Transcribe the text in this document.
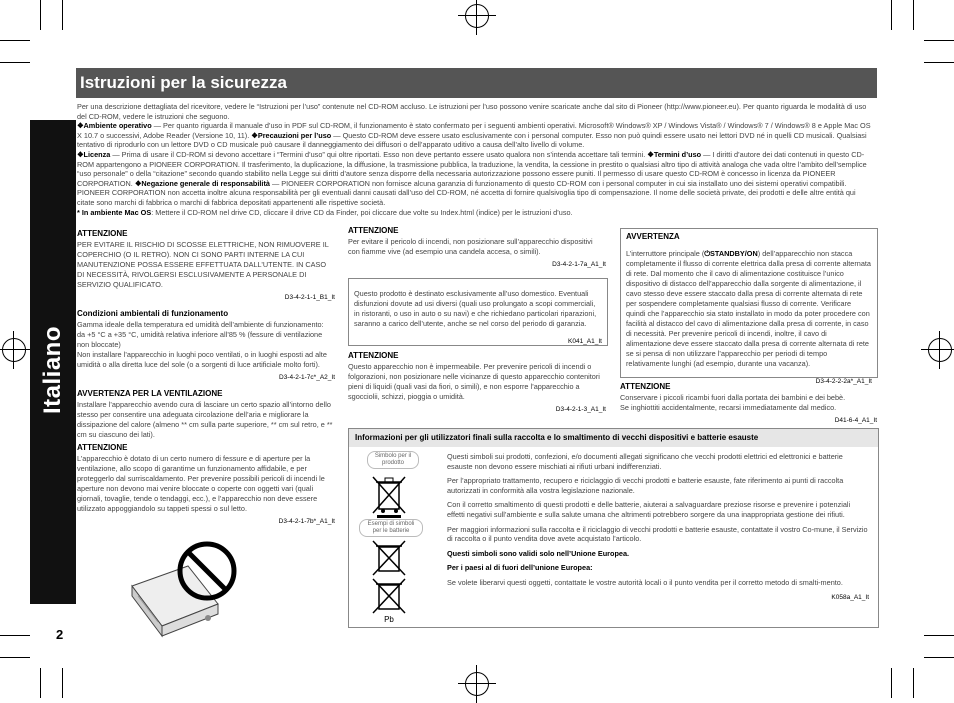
Italiano
2
Istruzioni per la sicurezza

Per una descrizione dettagliata del ricevitore, vedere le “Istruzioni per l’uso” contenute nel CD-ROM accluso. Le istruzioni per l’uso possono venire scaricate anche dal sito di Pioneer (http://www.pioneer.eu). Per quanto riguarda le modalità di uso del CD-ROM, vedere le istruzioni che seguono.

❖Ambiente operativo — Per quanto riguarda il manuale d’uso in PDF sul CD-ROM, il funzionamento è stato confermato per i seguenti ambienti operativi. Microsoft® Windows® XP / Windows Vista® / Windows® 7 / Windows® 8 e Apple Mac OS X 10.7 o successivi, Adobe Reader (Versione 10, 11). ❖Precauzioni per l’uso — Questo CD-ROM deve essere usato esclusivamente con i personal computer. Esso non può quindi essere usato nei lettori DVD né in quelli CD musicali. Qualsiasi tentativo di riprodurlo con un lettore DVD o CD musicale può causare il danneggiamento dei diffusori o dell’apparato uditivo a causa dell’alto livello di volume.

❖Licenza — Prima di usare il CD-ROM si devono accettare i “Termini d’uso” qui oltre riportati. Esso non deve pertanto essere usato qualora non s’intenda accettare tali termini. ❖Termini d’uso — I diritti d’autore dei dati contenuti in questo CD-ROM appartengono a PIONEER CORPORATION. Il trasferimento, la duplicazione, la diffusione, la trasmissione pubblica, la traduzione, la vendita, la cessione in prestito o qualsiasi altro tipo di attività analoga che vada oltre l’ambito dell’semplice “uso personale” o della “citazione” secondo quando stabilito nella Legge sui diritti d’autore senza disporre della necessaria autorizzazione possono essere puniti. Il permesso di usare questo CD-ROM è concesso in licenza da PIONEER CORPORATION. ❖Negazione generale di responsabilità — PIONEER CORPORATION non fornisce alcuna garanzia di funzionamento di questo CD-ROM con i personal computer in cui sia installato uno dei sistemi operativi compatibili. PIONEER CORPORATION non accetta inoltre alcuna responsabilità per gli eventuali danni causati dall’uso del CD-ROM, né accetta di fornire qualsivoglia tipo di compensazione. Il nome delle società private, dei prodotti e delle altre entità qui citate sono marchi di fabbrica o marchi di fabbrica depositati appartenenti alle rispettive società.

* In ambiente Mac OS: Mettere il CD-ROM nel drive CD, cliccare il drive CD da Finder, poi cliccare due volte su Index.html (indice) per le istruzioni d’uso.

ATTENZIONE

PER EVITARE IL RISCHIO DI SCOSSE ELETTRICHE, NON RIMUOVERE IL COPERCHIO (O IL RETRO). NON CI SONO PARTI INTERNE LA CUI MANUTENZIONE POSSA ESSERE EFFETTUATA DALL’UTENTE. IN CASO DI NECESSITÀ, RIVOLGERSI ESCLUSIVAMENTE A PERSONALE DI SERVIZIO QUALIFICATO.

D3-4-2-1-1_B1_It
Condizioni ambientali di funzionamento

Gamma ideale della temperatura ed umidità dell’ambiente di funzionamento:

da +5 °C a +35 °C, umidità relativa inferiore all’85 % (fessure di ventilazione non bloccate)

Non installare l’apparecchio in luoghi poco ventilati, o in luoghi esposti ad alte umidità o alla diretta luce del sole (o a sorgenti di luce artificiale molto forti).

D3-4-2-1-7c*_A2_It
AVVERTENZA PER LA VENTILAZIONE

Installare l’apparecchio avendo cura di lasciare un certo spazio all’intorno dello stesso per consentire una adeguata circolazione dell’aria e migliorare la dissipazione del calore (almeno ** cm sulla parte superiore, ** cm sul retro, e ** cm su ciascuno dei lati).

ATTENZIONE

L’apparecchio è dotato di un certo numero di fessure e di aperture per la ventilazione, allo scopo di garantirne un funzionamento affidabile, e per proteggerlo dal surriscaldamento. Per prevenire possibili pericoli di incendi le aperture non devono mai venire bloccate o coperte con oggetti vari (quali giornali, tovaglie, tende o tendaggi, ecc.), e l’apparecchio non deve essere utilizzato appoggiandolo su tappeti spessi o sul letto.

D3-4-2-1-7b*_A1_It
ATTENZIONE

Per evitare il pericolo di incendi, non posizionare sull’apparecchio dispositivi con fiamme vive (ad esempio una candela accesa, o simili).

D3-4-2-1-7a_A1_It

Questo prodotto è destinato esclusivamente all’uso domestico. Eventuali disfunzioni dovute ad usi diversi (quali uso prolungato a scopi commerciali, in ristoranti, o uso in auto o su navi) e che richiedano particolari riparazioni, saranno a carico dell’utente, anche se nel corso del periodo di garanzia.

K041_A1_It
ATTENZIONE

Questo apparecchio non è impermeabile. Per prevenire pericoli di incendi o folgorazioni, non posizionare nelle vicinanze di questo apparecchio contenitori pieni di liquidi (quali vasi da fiori, o simili), e non esporre l’apparecchio a sgocciolii, schizzi, pioggia o umidità.

D3-4-2-1-3_A1_It
AVVERTENZA

L’interruttore principale (⏻STANDBY/ON) dell’apparecchio non stacca completamente il flusso di corrente elettrica dalla presa di corrente alternata di rete. Dal momento che il cavo di alimentazione costituisce l’unico dispositivo di distacco dell’apparecchio dalla sorgente di alimentazione, il cavo stesso deve essere staccato dalla presa di corrente alternata di rete per sospendere completamente qualsiasi flusso di corrente. Verificare quindi che l’apparecchio sia stato installato in modo da poter procedere con facilità al distacco del cavo di alimentazione dalla presa di corrente, in caso di necessità. Per prevenire pericoli di incendi, inoltre, il cavo di alimentazione deve essere staccato dalla presa di corrente alternata di rete se si pensa di non utilizzare l’apparecchio per periodi di tempo relativamente lunghi (ad esempio, durante una vacanza).

D3-4-2-2-2a*_A1_It
ATTENZIONE

Conservare i piccoli ricambi fuori dalla portata dei bambini e dei bebè.

Se inghiottiti accidentalmente, recarsi immediatamente dal medico.

D41-6-4_A1_It
Informazioni per gli utilizzatori finali sulla raccolta e lo smaltimento di vecchi dispositivi e batterie esauste
Simbolo per il prodotto
Esempi di simboli per le batterie
Pb

Questi simboli sui prodotti, confezioni, e/o documenti allegati significano che vecchi prodotti elettrici ed elettronici e batterie esauste non devono essere mischiati ai rifiuti urbani indifferenziati.

Per l’appropriato trattamento, recupero e riciclaggio di vecchi prodotti e batterie esauste, fate riferimento ai punti di raccolta autorizzati in conformità alla vostra legislazione nazionale.

Con il corretto smaltimento di questi prodotti e delle batterie, aiuterai a salvaguardare preziose risorse e prevenire i potenziali effetti negativi sull’ambiente e sulla salute umana che altrimenti potrebbero sorgere da una inappropriata gestione dei rifiuti.

Per maggiori informazioni sulla raccolta e il riciclaggio di vecchi prodotti e batterie esauste, contattate il vostro Co-mune, il Servizio di raccolta o il punto vendita dove avete acquistato l’articolo.

Questi simboli sono validi solo nell’Unione Europea.

Per i paesi al di fuori dell’unione Europea:

Se volete liberarvi questi oggetti, contattate le vostre autorità locali o il punto vendita per il corretto metodo di smalti-mento.

K058a_A1_It
